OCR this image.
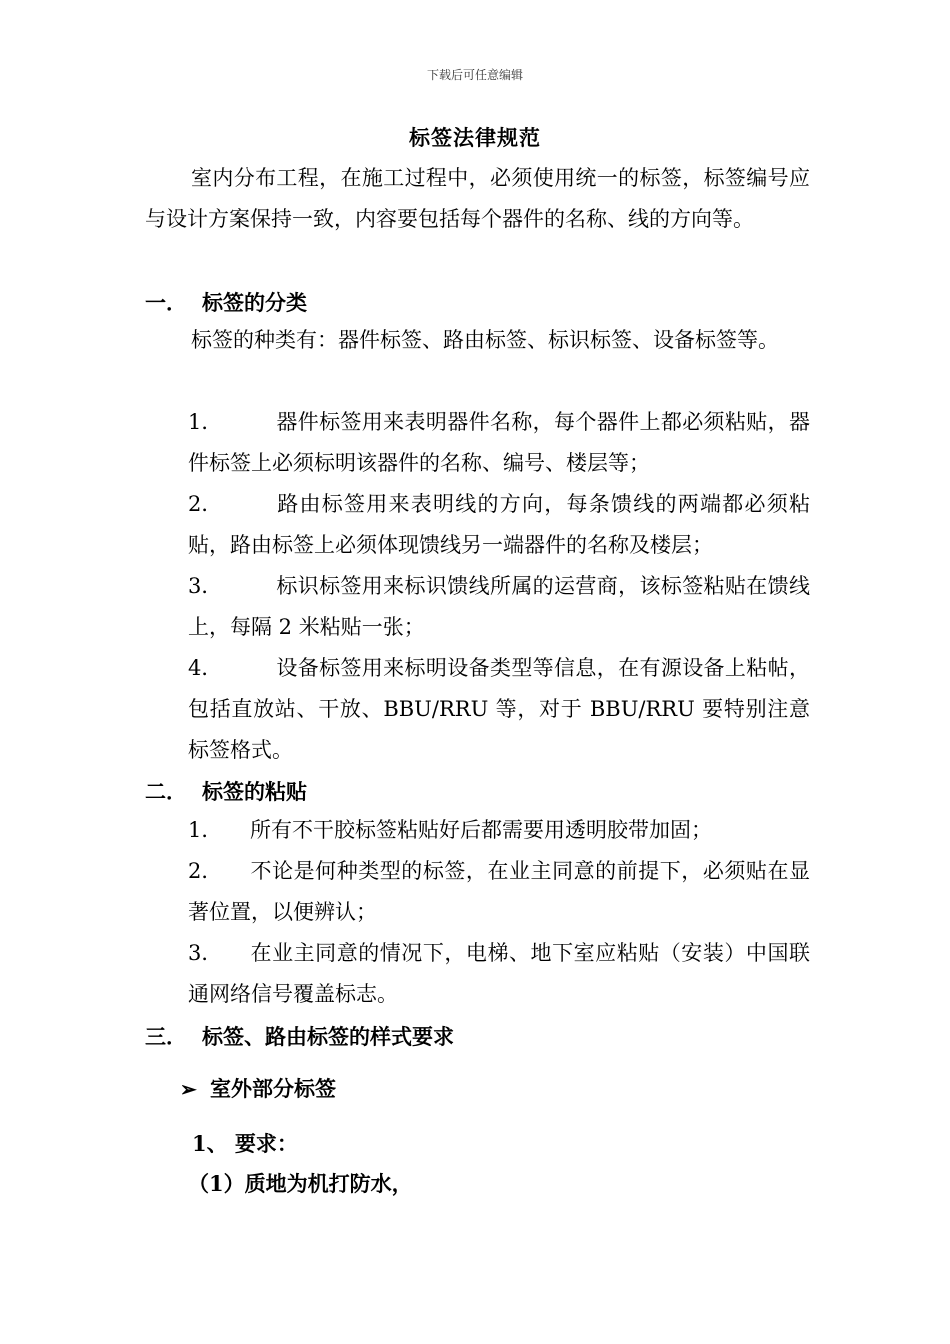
下载后可任意编辑
标签法律规范

室内分布工程，在施工过程中，必须使用统一的标签，标签编号应与设计方案保持一致，内容要包括每个器件的名称、线的方向等。

一． 标签的分类

标签的种类有：器件标签、路由标签、标识标签、设备标签等。

1．	器件标签用来表明器件名称，每个器件上都必须粘贴，器件标签上必须标明该器件的名称、编号、楼层等；

2．	路由标签用来表明线的方向，每条馈线的两端都必须粘贴，路由标签上必须体现馈线另一端器件的名称及楼层；

3．	标识标签用来标识馈线所属的运营商，该标签粘贴在馈线上，每隔 2 米粘贴一张；

4．	设备标签用来标明设备类型等信息，在有源设备上粘帖，包括直放站、干放、BBU/RRU 等，对于 BBU/RRU 要特别注意标签格式。

二． 标签的粘贴

1． 所有不干胶标签粘贴好后都需要用透明胶带加固；

2． 不论是何种类型的标签，在业主同意的前提下，必须贴在显著位置，以便辨认；

3． 在业主同意的情况下，电梯、地下室应粘贴（安装）中国联通网络信号覆盖标志。

三． 标签、路由标签的样式要求
➢ 室外部分标签
1、 要求：
（1）质地为机打防水，
